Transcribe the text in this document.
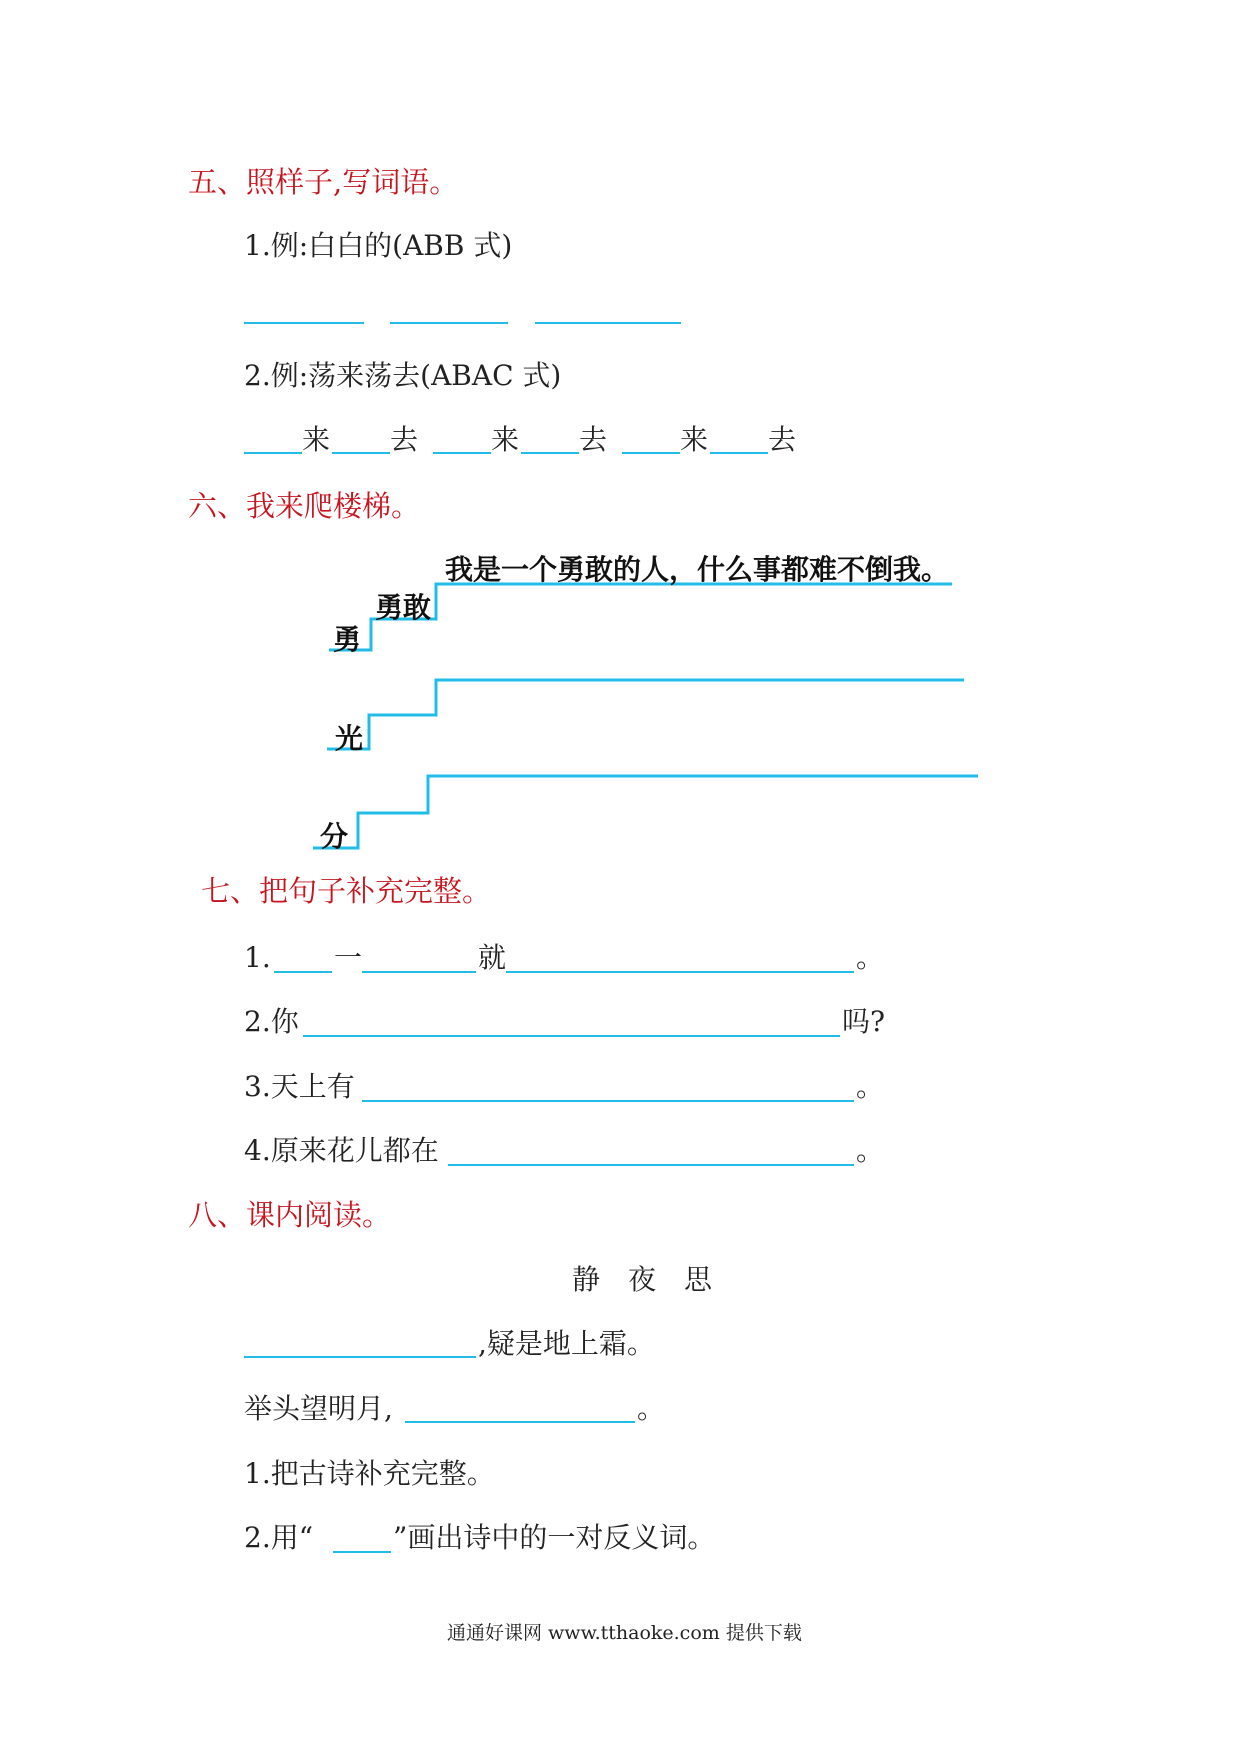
五、照样子,写词语。
1.例:白白的(ABB 式)
2.例:荡来荡去(ABAC 式)
来 去	来 去	来 去
六、我来爬楼梯。
勇
勇敢
我是一个勇敢的人，什么事都难不倒我。
光
分
七、把句子补充完整。
1. 一	就	。
2.你	吗?
3.天上有	。
4.原来花儿都在	。
八、课内阅读。
静　夜　思
,疑是地上霜。
举头望明月,	。
1.把古诗补充完整。
2.用“	”画出诗中的一对反义词。
通通好课网 www.tthaoke.com 提供下载
